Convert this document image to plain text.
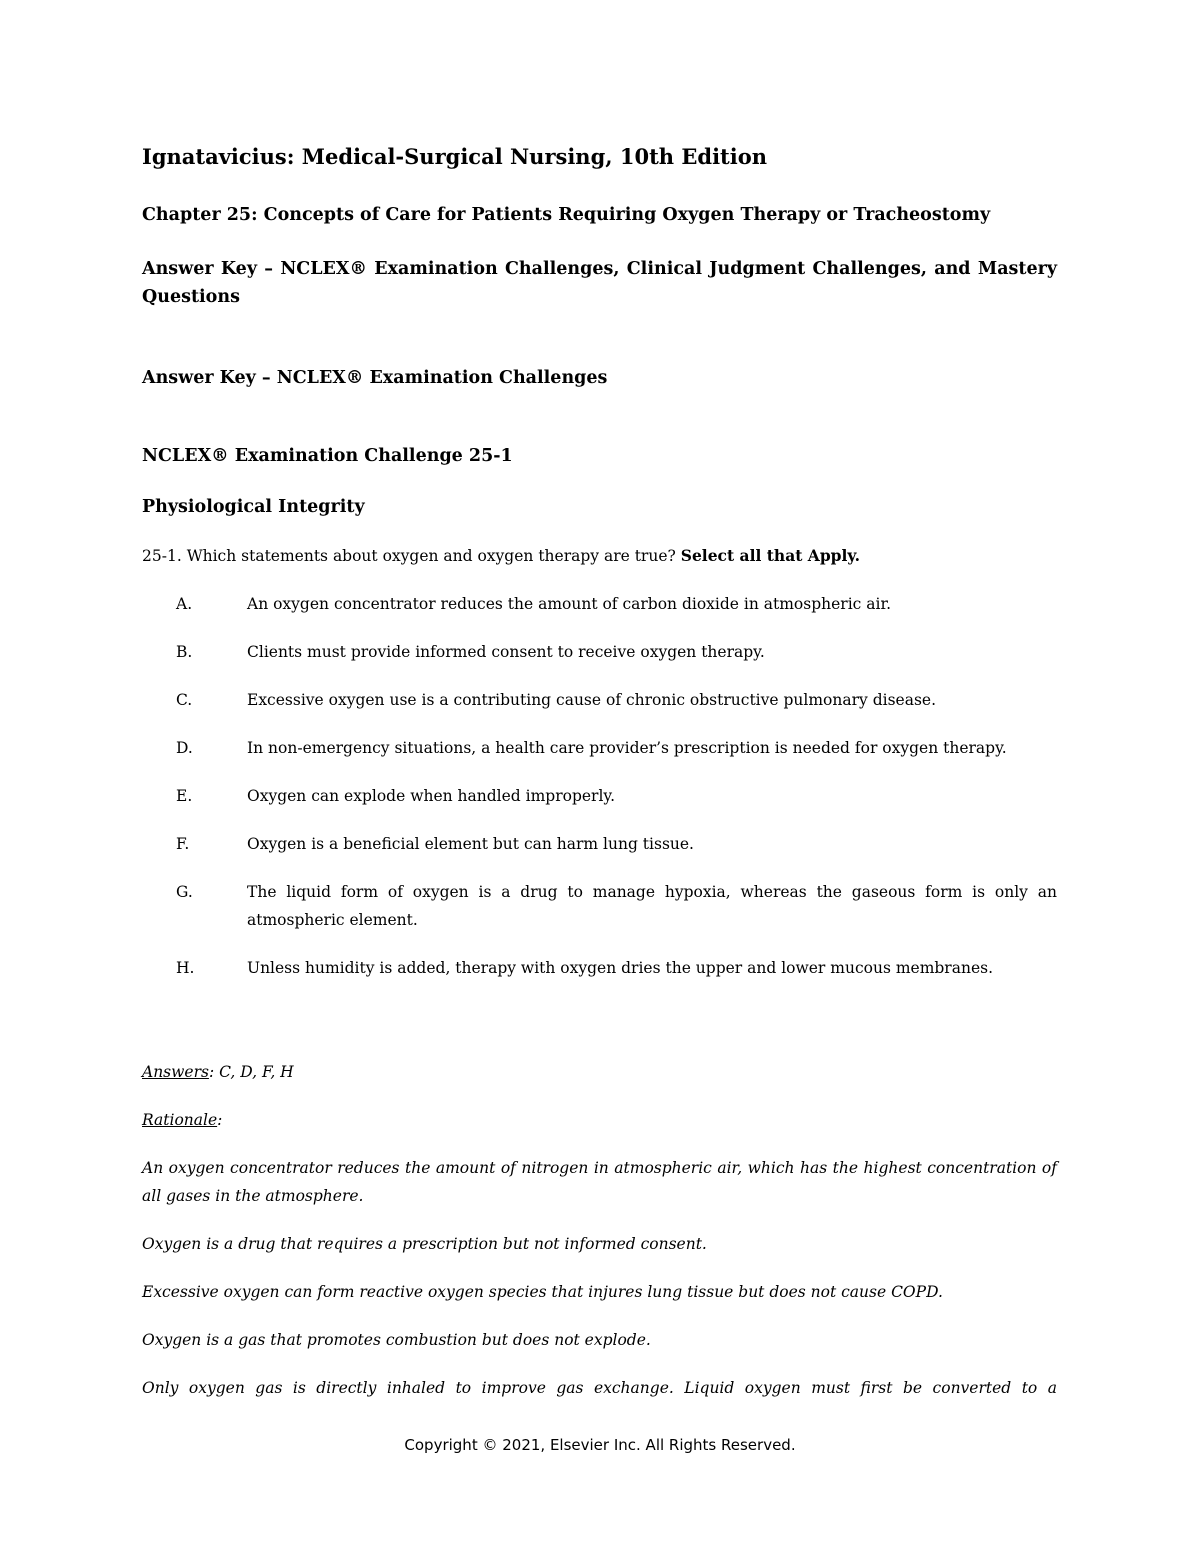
Ignatavicius: Medical-Surgical Nursing, 10th Edition
Chapter 25: Concepts of Care for Patients Requiring Oxygen Therapy or Tracheostomy
Answer Key – NCLEX® Examination Challenges, Clinical Judgment Challenges, and Mastery Questions
Answer Key – NCLEX® Examination Challenges
NCLEX® Examination Challenge 25-1
Physiological Integrity
25-1. Which statements about oxygen and oxygen therapy are true? Select all that Apply.
A.	An oxygen concentrator reduces the amount of carbon dioxide in atmospheric air.
B.	Clients must provide informed consent to receive oxygen therapy.
C.	Excessive oxygen use is a contributing cause of chronic obstructive pulmonary disease.
D.	In non-emergency situations, a health care provider’s prescription is needed for oxygen therapy.
E.	Oxygen can explode when handled improperly.
F.	Oxygen is a beneficial element but can harm lung tissue.
G.	The liquid form of oxygen is a drug to manage hypoxia, whereas the gaseous form is only an atmospheric element.
H.	Unless humidity is added, therapy with oxygen dries the upper and lower mucous membranes.
Answers: C, D, F, H
Rationale:
An oxygen concentrator reduces the amount of nitrogen in atmospheric air, which has the highest concentration of all gases in the atmosphere.
Oxygen is a drug that requires a prescription but not informed consent.
Excessive oxygen can form reactive oxygen species that injures lung tissue but does not cause COPD.
Oxygen is a gas that promotes combustion but does not explode.
Only oxygen gas is directly inhaled to improve gas exchange. Liquid oxygen must first be converted to a
Copyright © 2021, Elsevier Inc. All Rights Reserved.
